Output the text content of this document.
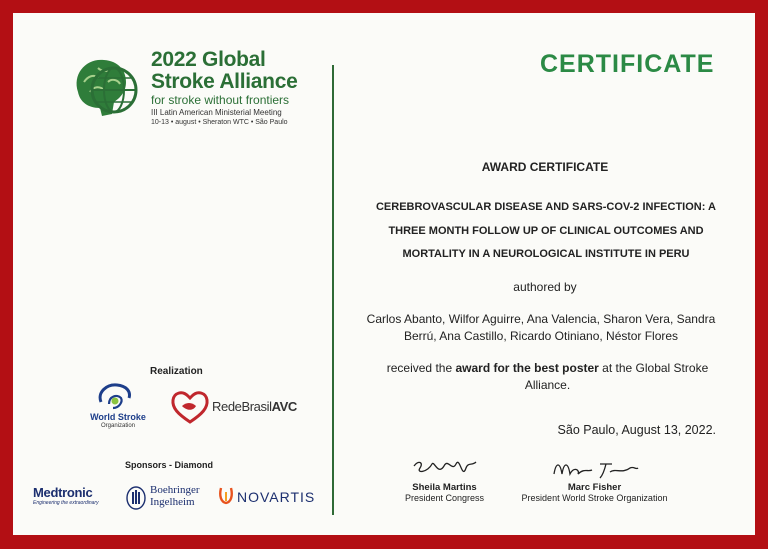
2022 Global
Stroke Alliance
for stroke without frontiers
III Latin American Ministerial Meeting
10-13 • august • Sheraton WTC • São Paulo
Realization
World Stroke
Organization
RedeBrasilAVC
Sponsors - Diamond
Medtronic
Engineering the extraordinary
Boehringer
Ingelheim	NOVARTIS
CERTIFICATE
AWARD CERTIFICATE
CEREBROVASCULAR DISEASE AND SARS-COV-2 INFECTION: A
THREE MONTH FOLLOW UP OF CLINICAL OUTCOMES AND
MORTALITY IN A NEUROLOGICAL INSTITUTE IN PERU
authored by
Carlos Abanto, Wilfor Aguirre, Ana Valencia, Sharon Vera, Sandra
Berrú, Ana Castillo, Ricardo Otiniano, Néstor Flores
received the award for the best poster at the Global Stroke
Alliance.
São Paulo, August 13, 2022.
Sheila Martins
President Congress
Marc Fisher
President World Stroke Organization
